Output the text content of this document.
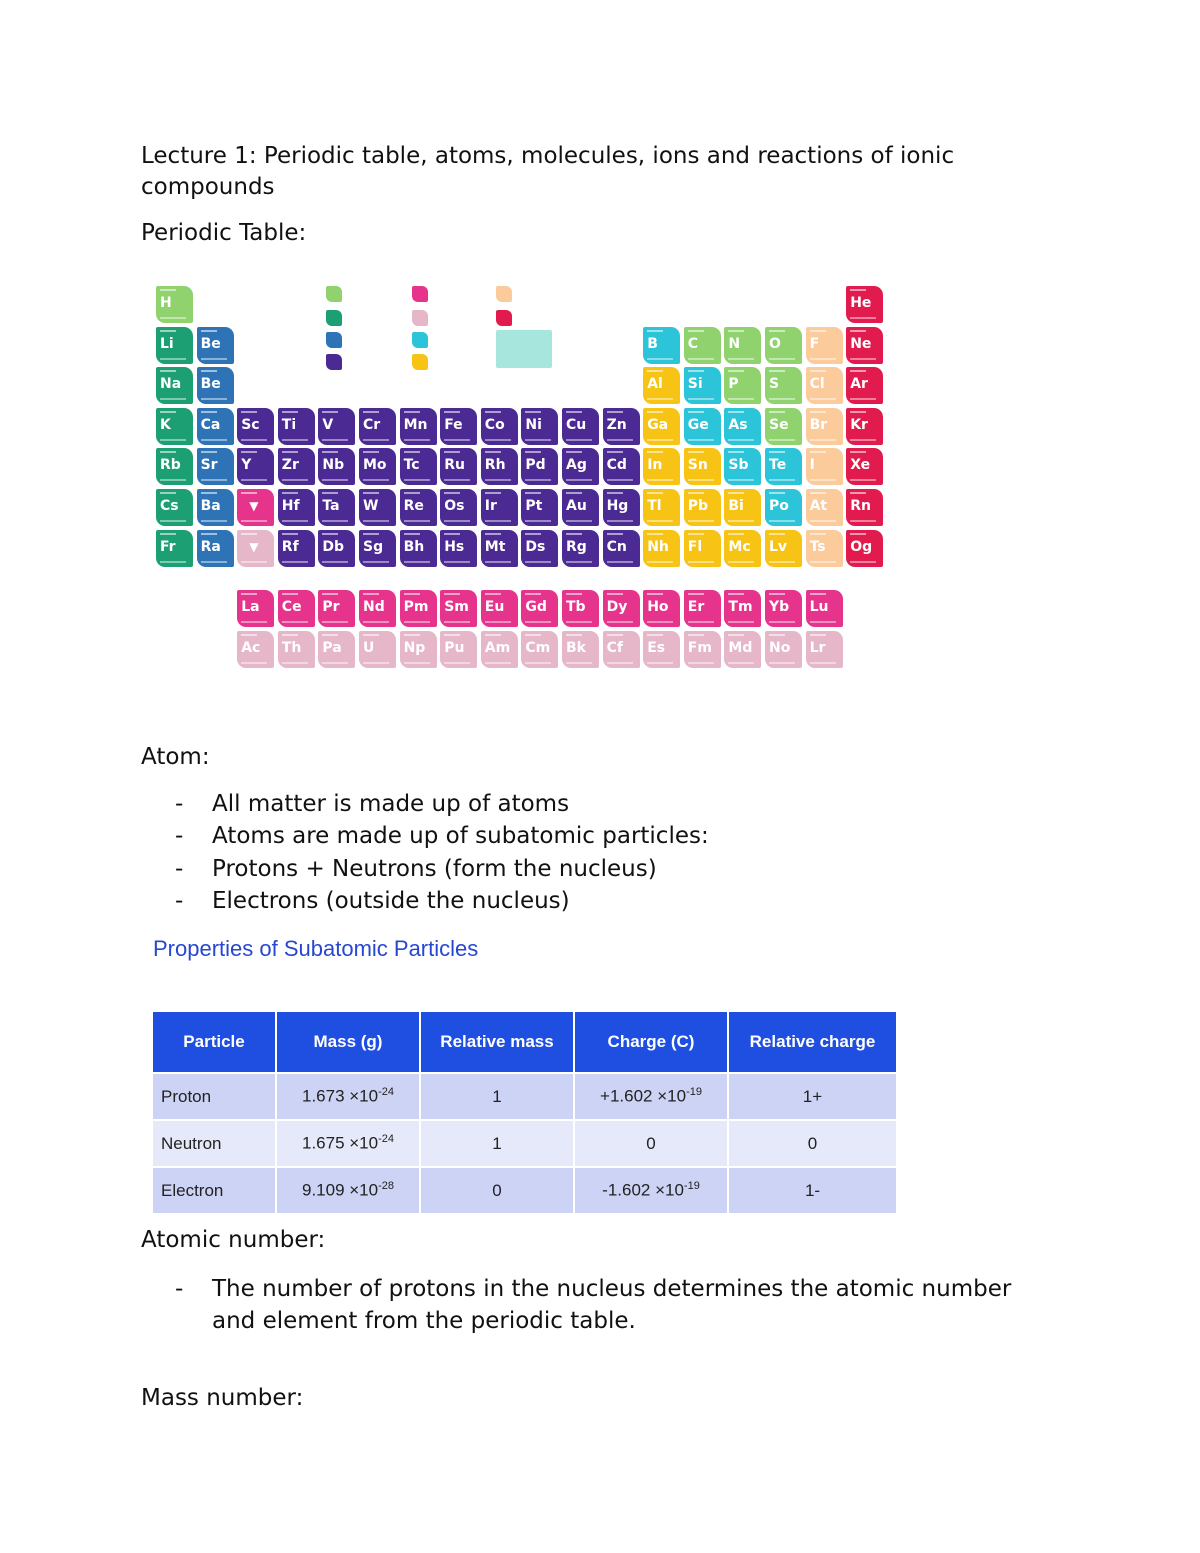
Lecture 1: Periodic table, atoms, molecules, ions and reactions of ionic compounds

Periodic Table:

H	He
Li	Be	B	C	N	O	F	Ne
Na	Be	Al	Si	P	S	Cl	Ar
K	Ca	Sc	Ti	V	Cr	Mn	Fe	Co	Ni	Cu	Zn	Ga	Ge	As	Se	Br	Kr
Rb	Sr	Y	Zr	Nb	Mo	Tc	Ru	Rh	Pd	Ag	Cd	In	Sn	Sb	Te	I	Xe
Cs	Ba	▼	Hf	Ta	W	Re	Os	Ir	Pt	Au	Hg	Tl	Pb	Bi	Po	At	Rn
Fr	Ra	▼	Rf	Db	Sg	Bh	Hs	Mt	Ds	Rg	Cn	Nh	Fl	Mc	Lv	Ts	Og
La	Ce	Pr	Nd	Pm	Sm	Eu	Gd	Tb	Dy	Ho	Er	Tm	Yb	Lu
Ac	Th	Pa	U	Np	Pu	Am	Cm	Bk	Cf	Es	Fm	Md	No	Lr

Atom:

- All matter is made up of atoms
- Atoms are made up of subatomic particles:
- Protons + Neutrons (form the nucleus)
- Electrons (outside the nucleus)

Properties of Subatomic Particles

Particle	Mass (g)	Relative mass	Charge (C)	Relative charge
Proton	$1.673 \times 10^{-24}$	1	$+1.602 \times 10^{-19}$	1+
Neutron	$1.675 \times 10^{-24}$	1	0	0
Electron	$9.109 \times 10^{-28}$	0	$-1.602 \times 10^{-19}$	1-

Atomic number:

- The number of protons in the nucleus determines the atomic number and element from the periodic table.

Mass number:
